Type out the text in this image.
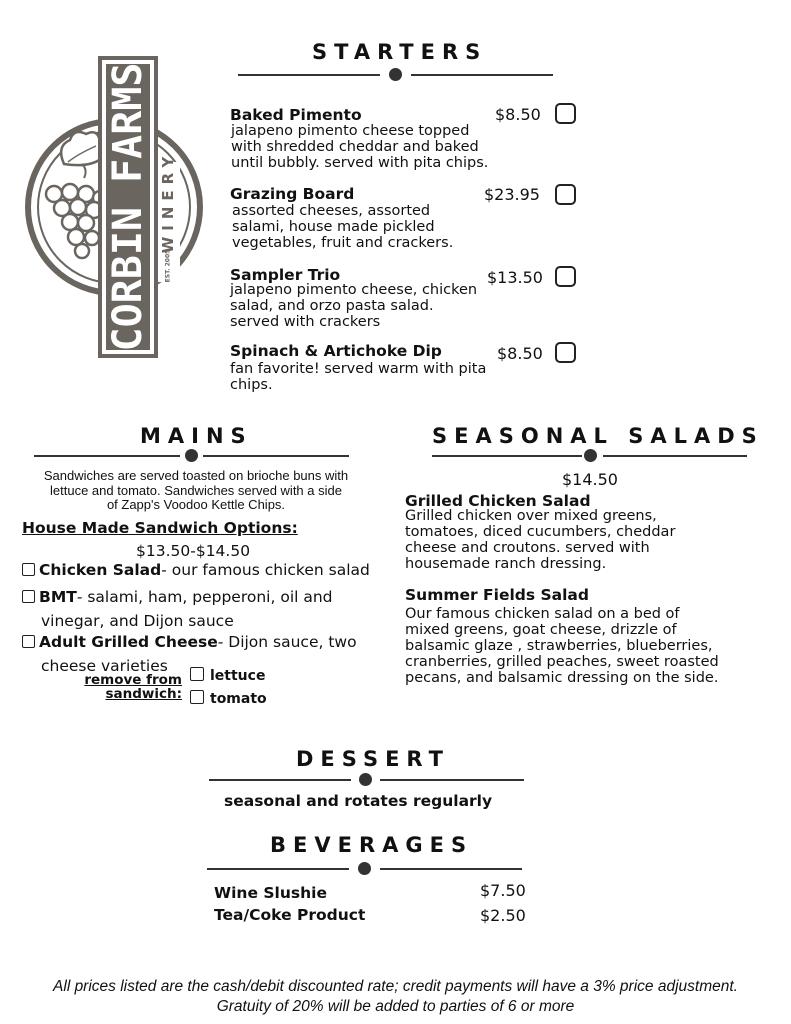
CORBIN FARMS WINERY
EST. 2005
STARTERS
Baked Pimento	$8.50
jalapeno pimento cheese topped
with shredded cheddar and baked
until bubbly. served with pita chips.
Grazing Board	$23.95
assorted cheeses, assorted
salami, house made pickled
vegetables, fruit and crackers.
Sampler Trio	$13.50
jalapeno pimento cheese, chicken
salad, and orzo pasta salad.
served with crackers
Spinach & Artichoke Dip	$8.50
fan favorite! served warm with pita
chips.
MAINS
Sandwiches are served toasted on brioche buns with
lettuce and tomato. Sandwiches served with a side
of Zapp's Voodoo Kettle Chips.
House Made Sandwich Options:
$13.50-$14.50
Chicken Salad- our famous chicken salad
BMT- salami, ham, pepperoni, oil and
vinegar, and Dijon sauce
Adult Grilled Cheese- Dijon sauce, two
cheese varieties
remove from
sandwich:
lettuce
tomato
SEASONAL SALADS
$14.50
Grilled Chicken Salad
Grilled chicken over mixed greens,
tomatoes, diced cucumbers, cheddar
cheese and croutons. served with
housemade ranch dressing.
Summer Fields Salad
Our famous chicken salad on a bed of
mixed greens, goat cheese, drizzle of
balsamic glaze , strawberries, blueberries,
cranberries, grilled peaches, sweet roasted
pecans, and balsamic dressing on the side.
DESSERT
seasonal and rotates regularly
BEVERAGES
Wine Slushie	$7.50
Tea/Coke Product	$2.50
All prices listed are the cash/debit discounted rate; credit payments will have a 3% price adjustment.
Gratuity of 20% will be added to parties of 6 or more
